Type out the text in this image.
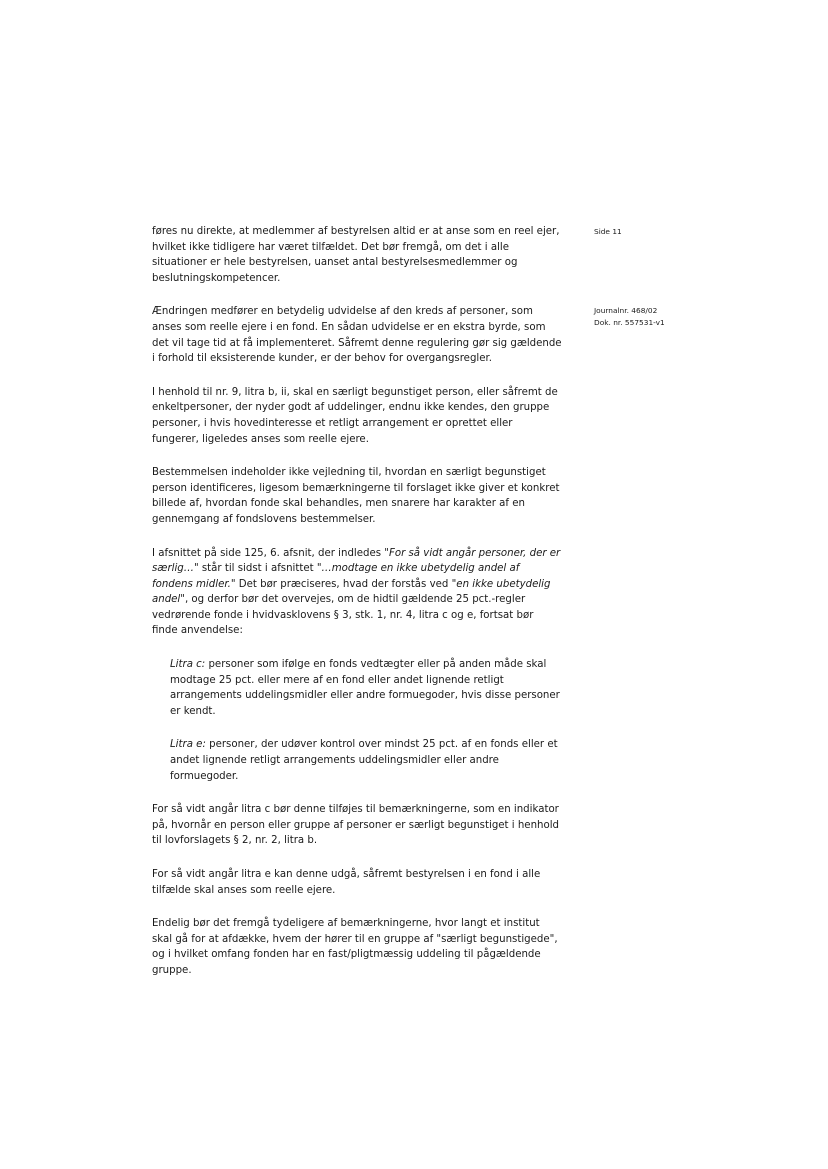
Side 11
Journalnr. 468/02
Dok. nr. 557531-v1

føres nu direkte, at medlemmer af bestyrelsen altid er at anse som en reel ejer, hvilket ikke tidligere har været tilfældet. Det bør fremgå, om det i alle situationer er hele bestyrelsen, uanset antal bestyrelsesmedlemmer og beslutningskompetencer.

Ændringen medfører en betydelig udvidelse af den kreds af personer, som anses som reelle ejere i en fond. En sådan udvidelse er en ekstra byrde, som det vil tage tid at få implementeret. Såfremt denne regulering gør sig gældende i forhold til eksisterende kunder, er der behov for overgangsregler.

I henhold til nr. 9, litra b, ii, skal en særligt begunstiget person, eller såfremt de enkeltpersoner, der nyder godt af uddelinger, endnu ikke kendes, den gruppe personer, i hvis hovedinteresse et retligt arrangement er oprettet eller fungerer, ligeledes anses som reelle ejere.

Bestemmelsen indeholder ikke vejledning til, hvordan en særligt begunstiget person identificeres, ligesom bemærkningerne til forslaget ikke giver et konkret billede af, hvordan fonde skal behandles, men snarere har karakter af en gennemgang af fondslovens bestemmelser.

I afsnittet på side 125, 6. afsnit, der indledes "For så vidt angår personer, der er særlig…" står til sidst i afsnittet "…modtage en ikke ubetydelig andel af fondens midler." Det bør præciseres, hvad der forstås ved "en ikke ubetydelig andel", og derfor bør det overvejes, om de hidtil gældende 25 pct.-regler vedrørende fonde i hvidvasklovens § 3, stk. 1, nr. 4, litra c og e, fortsat bør finde anvendelse:

Litra c: personer som ifølge en fonds vedtægter eller på anden måde skal modtage 25 pct. eller mere af en fond eller andet lignende retligt arrangements uddelingsmidler eller andre formuegoder, hvis disse personer er kendt.

Litra e: personer, der udøver kontrol over mindst 25 pct. af en fonds eller et andet lignende retligt arrangements uddelingsmidler eller andre formuegoder.

For så vidt angår litra c bør denne tilføjes til bemærkningerne, som en indikator på, hvornår en person eller gruppe af personer er særligt begunstiget i henhold til lovforslagets § 2, nr. 2, litra b.

For så vidt angår litra e kan denne udgå, såfremt bestyrelsen i en fond i alle tilfælde skal anses som reelle ejere.

Endelig bør det fremgå tydeligere af bemærkningerne, hvor langt et institut skal gå for at afdække, hvem der hører til en gruppe af "særligt begunstigede", og i hvilket omfang fonden har en fast/pligtmæssig uddeling til pågældende gruppe.
